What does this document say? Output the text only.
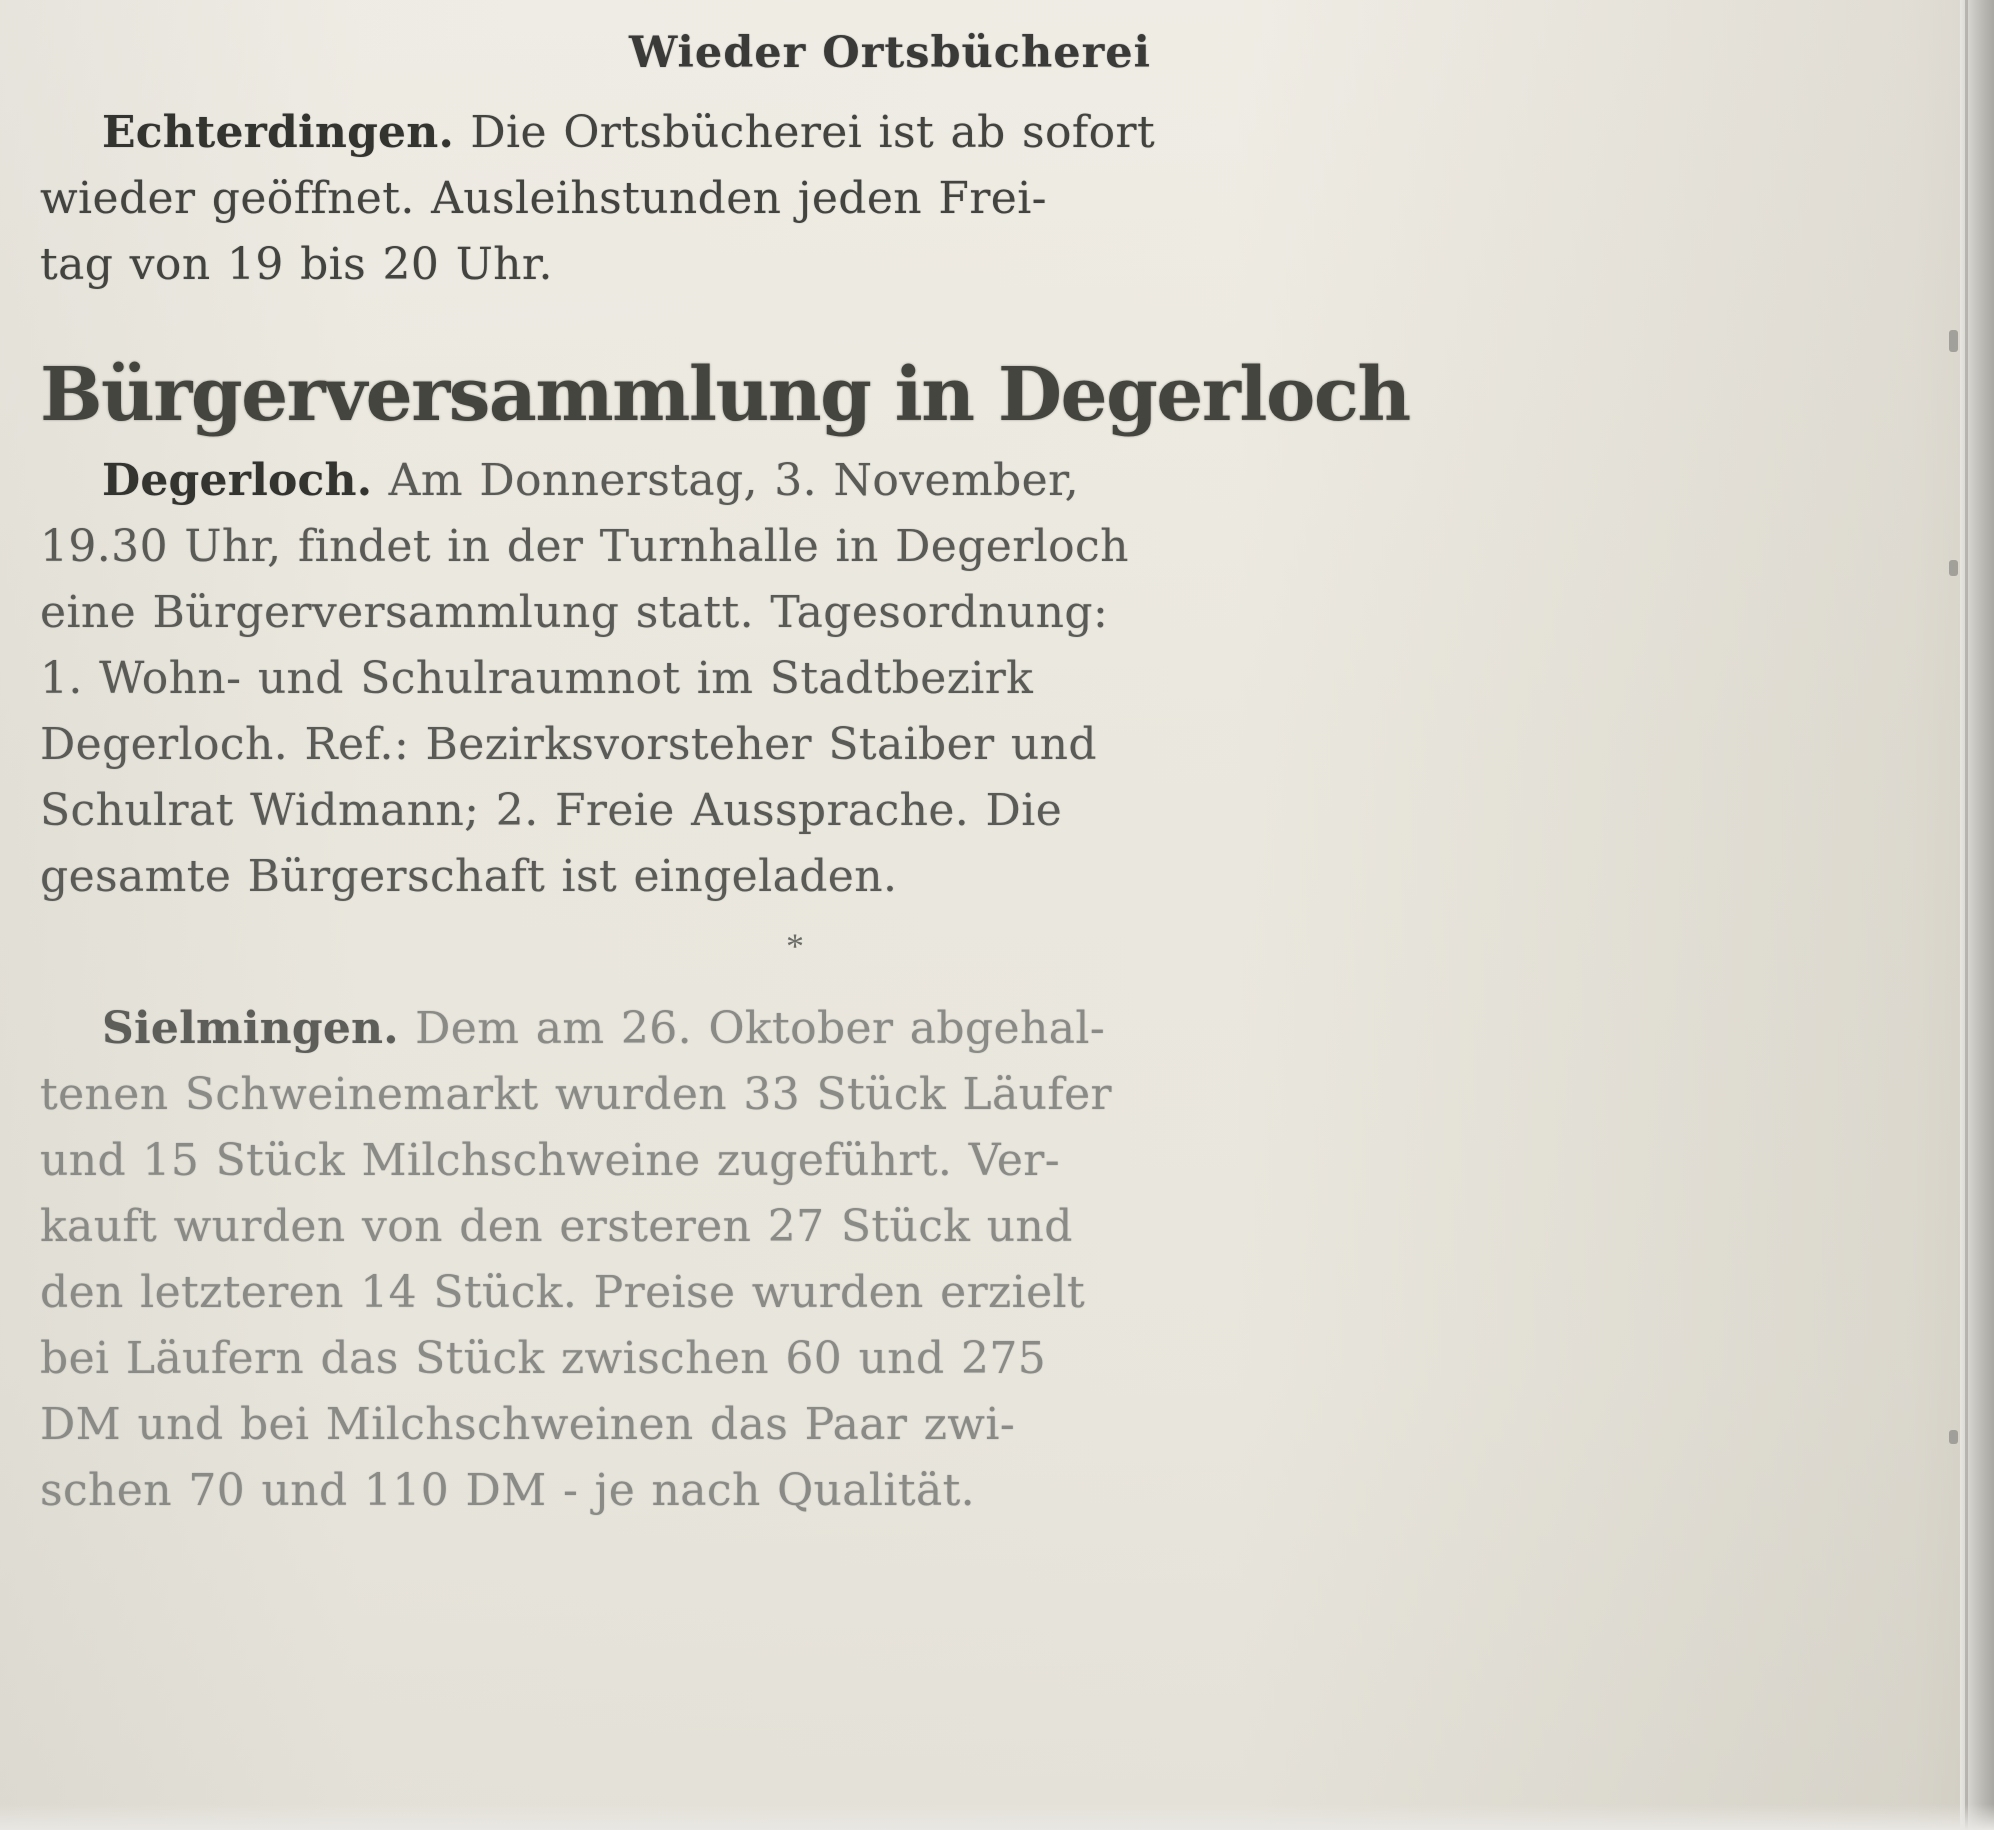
Wieder Ortsbücherei

Echterdingen. Die Ortsbücherei ist ab sofort

wieder geöffnet. Ausleihstunden jeden Frei-

tag von 19 bis 20 Uhr.

Bürgerversammlung in Degerloch

Degerloch. Am Donnerstag, 3. November,

19.30 Uhr, findet in der Turnhalle in Degerloch

eine Bürgerversammlung statt. Tagesordnung:

1. Wohn- und Schulraumnot im Stadtbezirk

Degerloch. Ref.: Bezirksvorsteher Staiber und

Schulrat Widmann; 2. Freie Aussprache. Die

gesamte Bürgerschaft ist eingeladen.

*

Sielmingen. Dem am 26. Oktober abgehal-

tenen Schweinemarkt wurden 33 Stück Läufer

und 15 Stück Milchschweine zugeführt. Ver-

kauft wurden von den ersteren 27 Stück und

den letzteren 14 Stück. Preise wurden erzielt

bei Läufern das Stück zwischen 60 und 275

DM und bei Milchschweinen das Paar zwi-

schen 70 und 110 DM - je nach Qualität.
